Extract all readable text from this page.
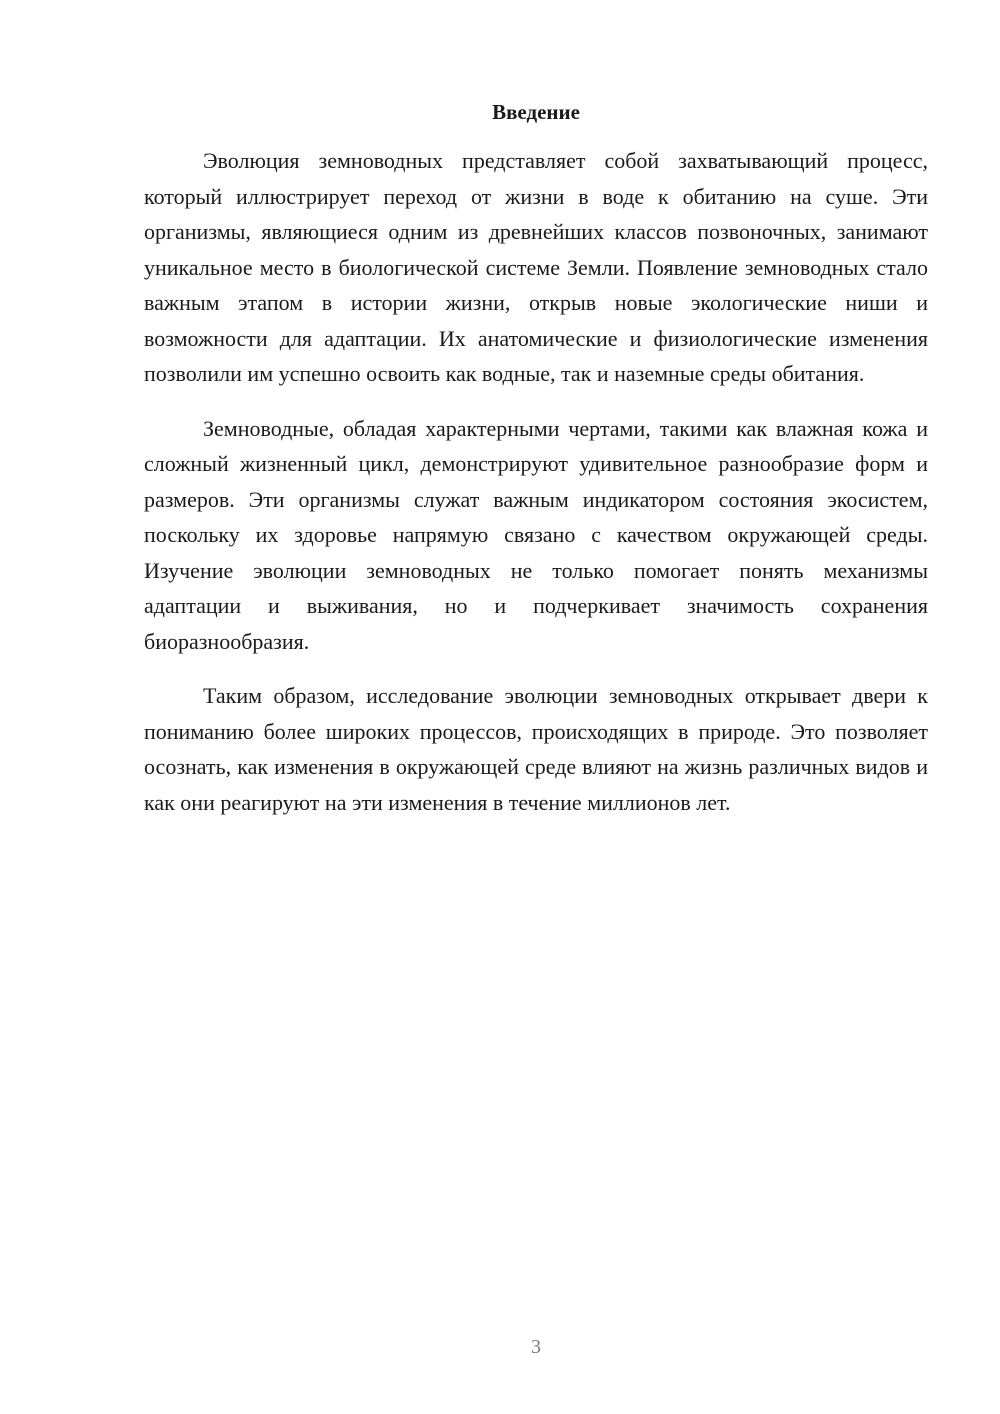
Введение

Эволюция земноводных представляет собой захватывающий процесс, который иллюстрирует переход от жизни в воде к обитанию на суше. Эти организмы, являющиеся одним из древнейших классов позвоночных, занимают уникальное место в биологической системе Земли. Появление земноводных стало важным этапом в истории жизни, открыв новые экологические ниши и возможности для адаптации. Их анатомические и физиологические изменения позволили им успешно освоить как водные, так и наземные среды обитания.

Земноводные, обладая характерными чертами, такими как влажная кожа и сложный жизненный цикл, демонстрируют удивительное разнообразие форм и размеров. Эти организмы служат важным индикатором состояния экосистем, поскольку их здоровье напрямую связано с качеством окружающей среды. Изучение эволюции земноводных не только помогает понять механизмы адаптации и выживания, но и подчеркивает значимость сохранения биоразнообразия.

Таким образом, исследование эволюции земноводных открывает двери к пониманию более широких процессов, происходящих в природе. Это позволяет осознать, как изменения в окружающей среде влияют на жизнь различных видов и как они реагируют на эти изменения в течение миллионов лет.

3
